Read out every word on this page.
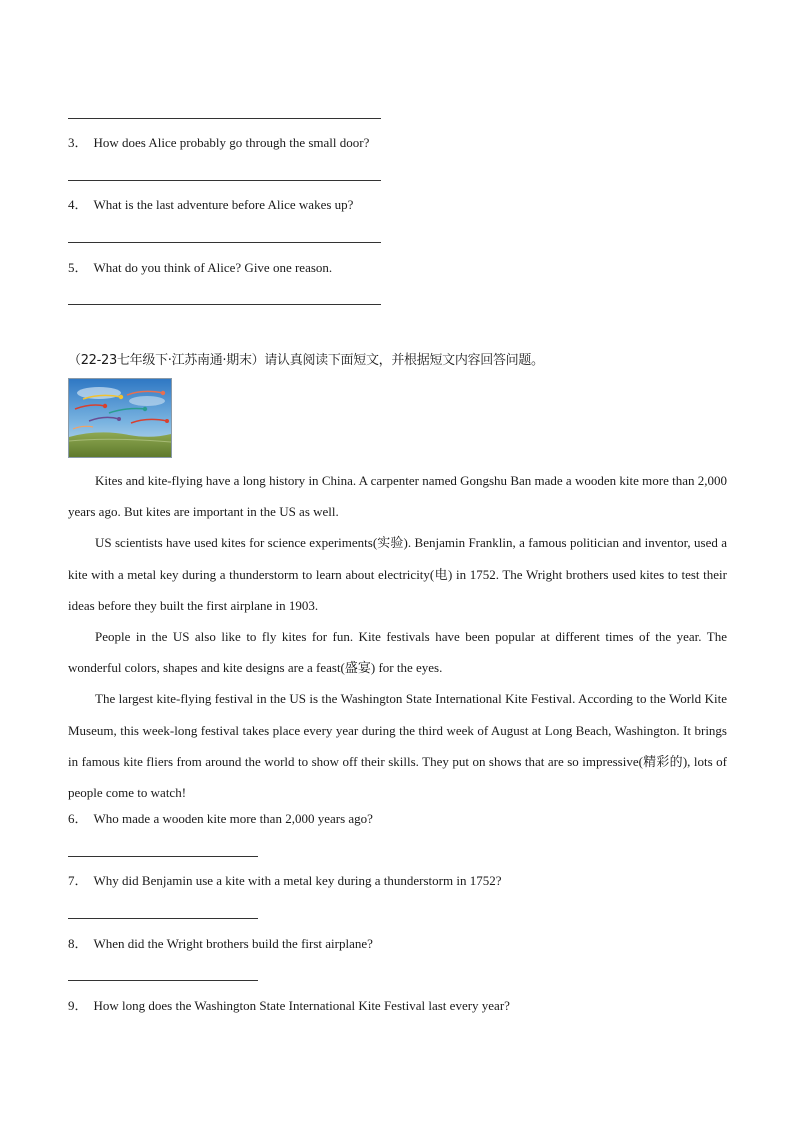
3． How does Alice probably go through the small door?
4． What is the last adventure before Alice wakes up?
5． What do you think of Alice? Give one reason.
（22-23七年级下·江苏南通·期末）请认真阅读下面短文，并根据短文内容回答问题。

Kites and kite-flying have a long history in China. A carpenter named Gongshu Ban made a wooden kite more than 2,000 years ago. But kites are important in the US as well.

US scientists have used kites for science experiments(实验). Benjamin Franklin, a famous politician and inventor, used a kite with a metal key during a thunderstorm to learn about electricity(电) in 1752. The Wright brothers used kites to test their ideas before they built the first airplane in 1903.

People in the US also like to fly kites for fun. Kite festivals have been popular at different times of the year. The wonderful colors, shapes and kite designs are a feast(盛宴) for the eyes.

The largest kite-flying festival in the US is the Washington State International Kite Festival. According to the World Kite Museum, this week-long festival takes place every year during the third week of August at Long Beach, Washington. It brings in famous kite fliers from around the world to show off their skills. They put on shows that are so impressive(精彩的), lots of people come to watch!

6． Who made a wooden kite more than 2,000 years ago?
7． Why did Benjamin use a kite with a metal key during a thunderstorm in 1752?
8． When did the Wright brothers build the first airplane?
9． How long does the Washington State International Kite Festival last every year?
